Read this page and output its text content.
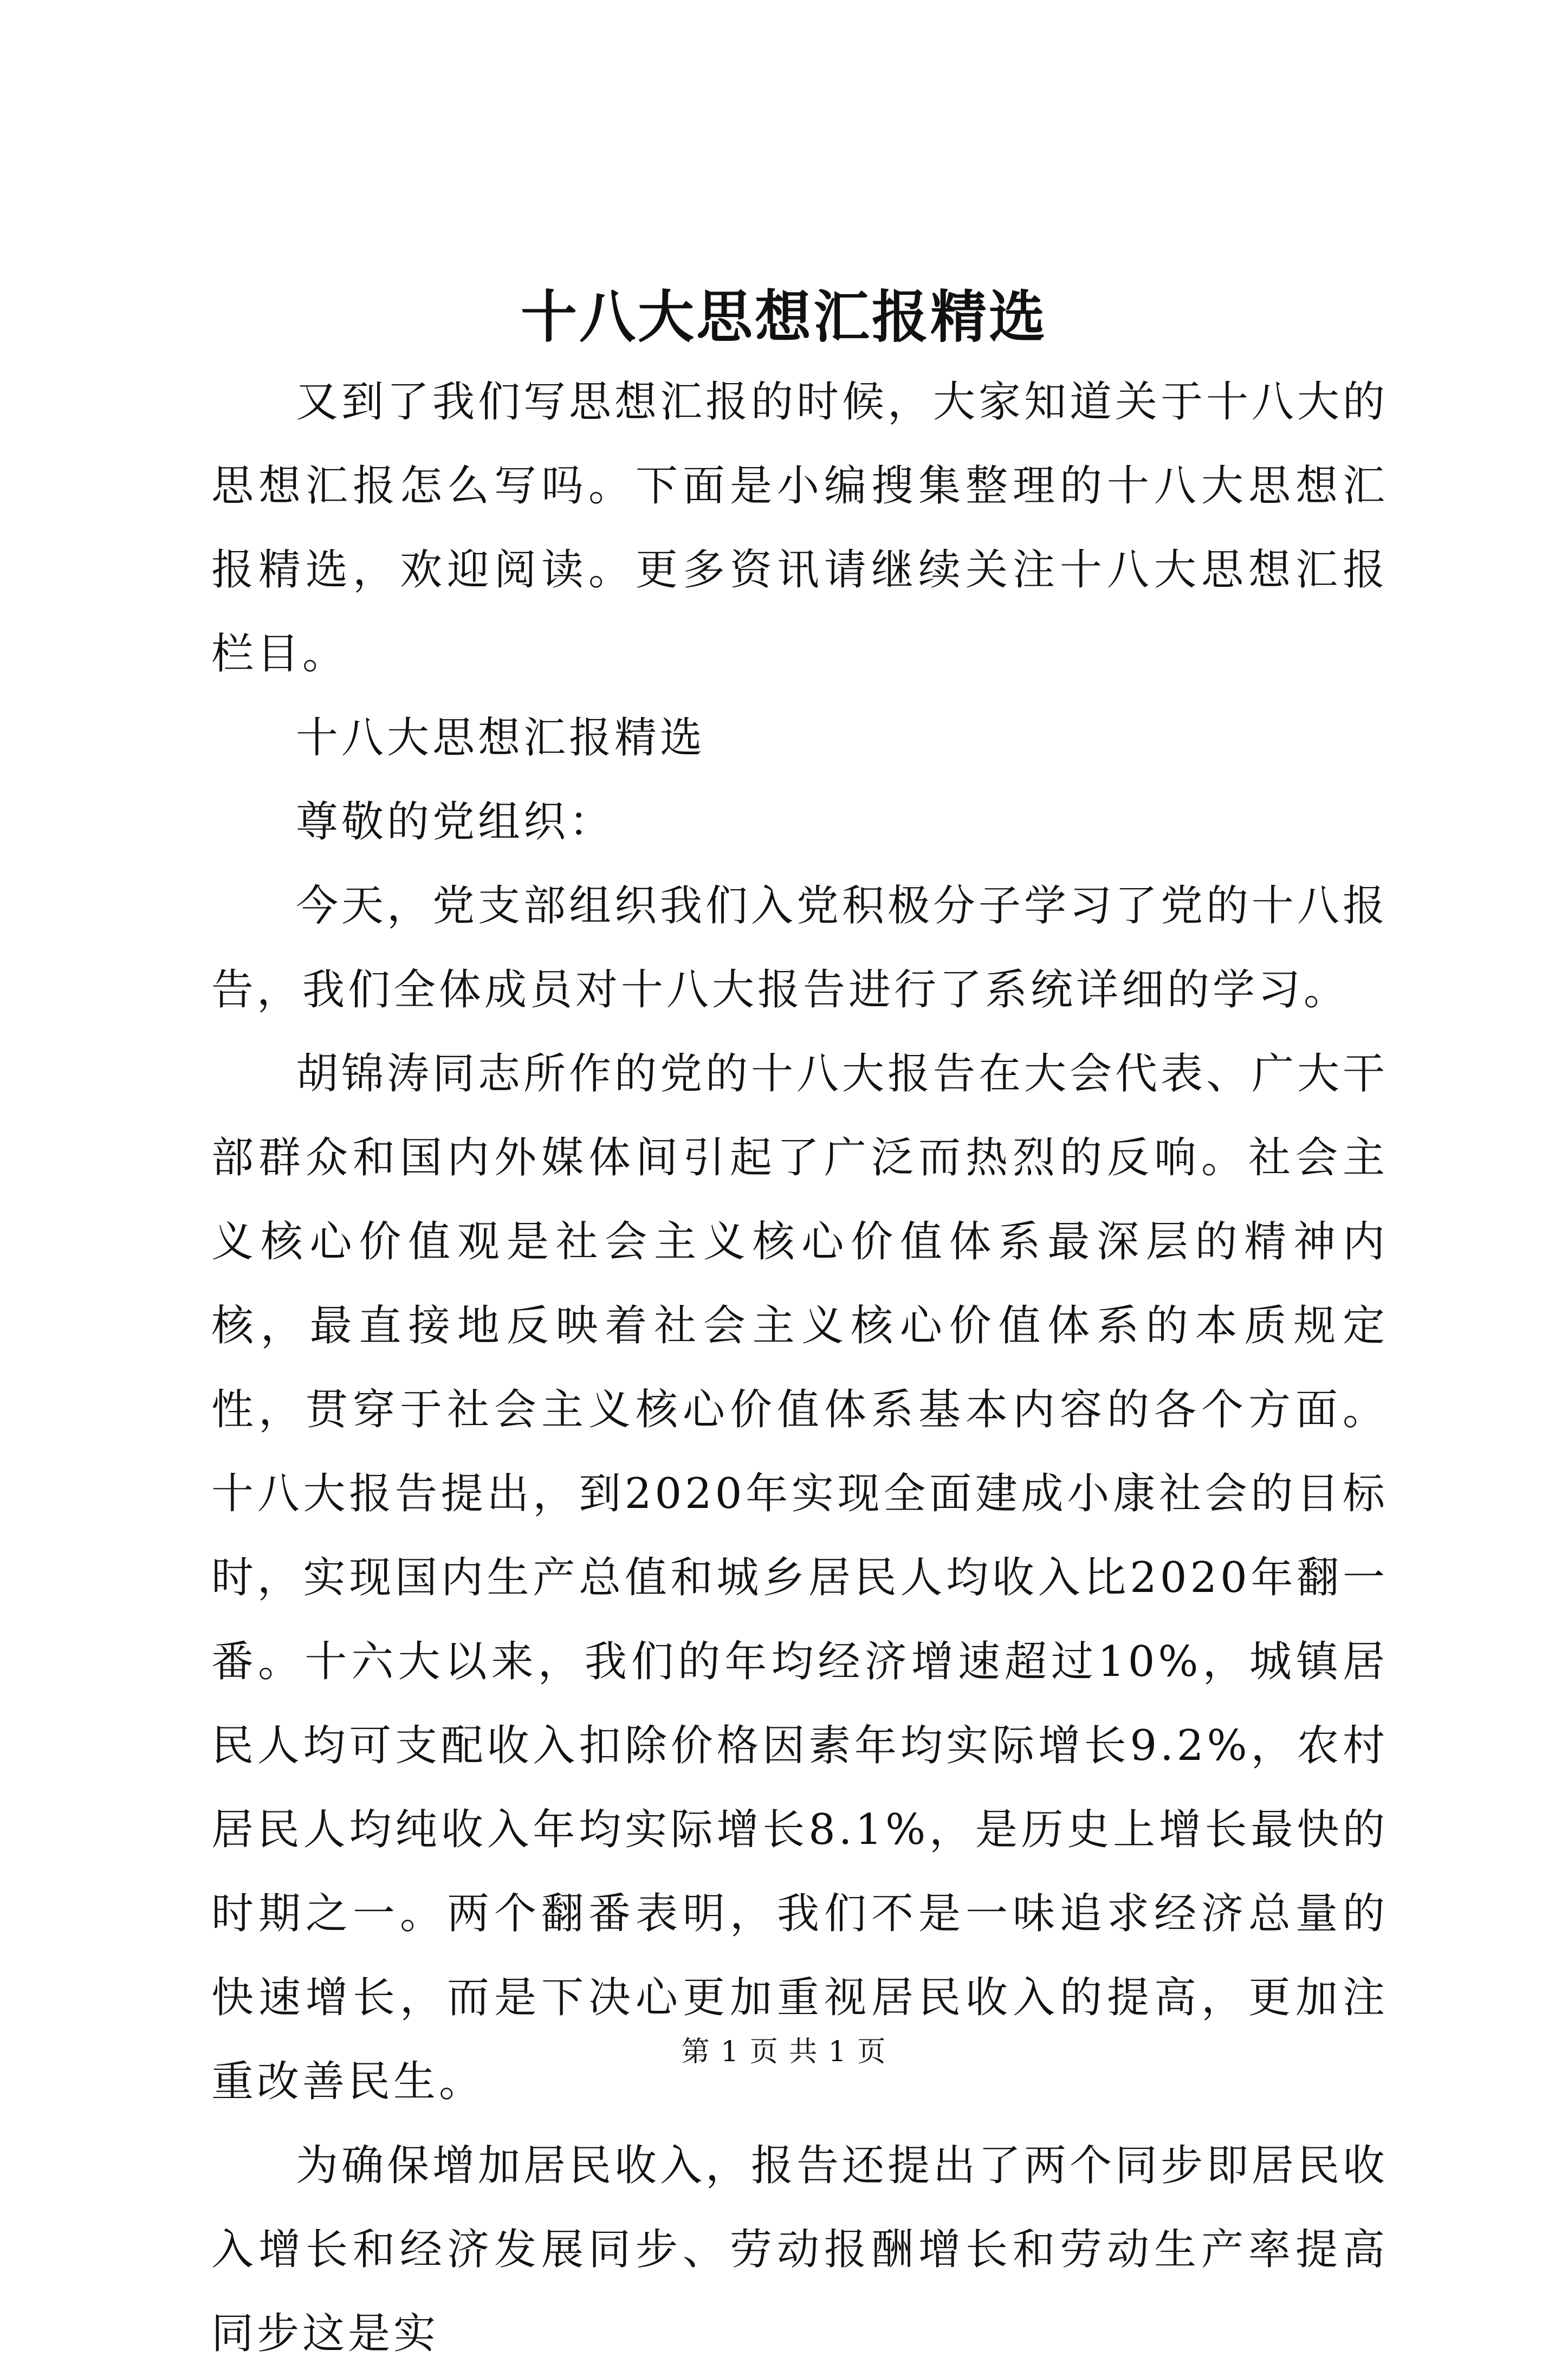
十八大思想汇报精选

又到了我们写思想汇报的时候，大家知道关于十八大的思想汇报怎么写吗。下面是小编搜集整理的十八大思想汇报精选，欢迎阅读。更多资讯请继续关注十八大思想汇报栏目。

十八大思想汇报精选

尊敬的党组织：

今天，党支部组织我们入党积极分子学习了党的十八报告，我们全体成员对十八大报告进行了系统详细的学习。

胡锦涛同志所作的党的十八大报告在大会代表、广大干部群众和国内外媒体间引起了广泛而热烈的反响。社会主义核心价值观是社会主义核心价值体系最深层的精神内核，最直接地反映着社会主义核心价值体系的本质规定性，贯穿于社会主义核心价值体系基本内容的各个方面。十八大报告提出，到2020年实现全面建成小康社会的目标时，实现国内生产总值和城乡居民人均收入比2020年翻一番。十六大以来，我们的年均经济增速超过10%，城镇居民人均可支配收入扣除价格因素年均实际增长9.2%，农村居民人均纯收入年均实际增长8.1%，是历史上增长最快的时期之一。两个翻番表明，我们不是一味追求经济总量的快速增长，而是下决心更加重视居民收入的提高，更加注重改善民生。

为确保增加居民收入，报告还提出了两个同步即居民收入增长和经济发展同步、劳动报酬增长和劳动生产率提高同步这是实

第 1 页 共 1 页
